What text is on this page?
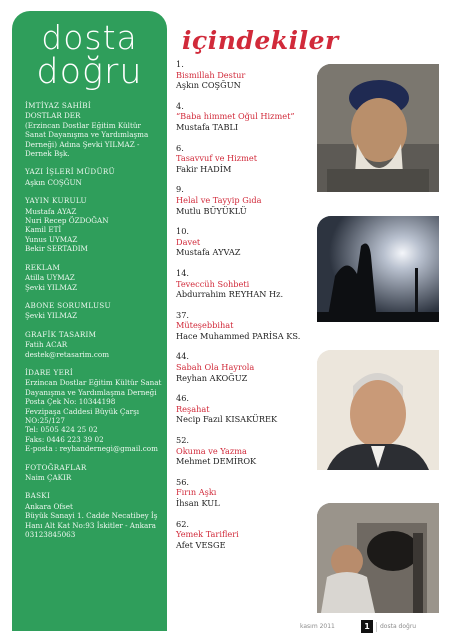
dosta
doğru
İMTİYAZ SAHİBİ
DOSTLAR DER
(Erzincan Dostlar Eğitim Kültür
Sanat Dayanışma ve Yardımlaşma
Derneği) Adına Şevki YILMAZ -
Dernek Bşk.
YAZI İŞLERİ MÜDÜRÜ
Aşkın COŞĞUN
YAYIN KURULU
Mustafa AYAZ
Nuri Recep ÖZDOĞAN
Kamil ETİ
Yunus UYMAZ
Bekir SERTADIM
REKLAM
Atilla UYMAZ
Şevki YILMAZ
ABONE SORUMLUSU
Şevki YILMAZ
GRAFİK TASARIM
Fatih ACAR
destek@retasarim.com
İDARE YERİ
Erzincan Dostlar Eğitim Kültür Sanat
Dayanışma ve Yardımlaşma Derneği
Posta Çek No: 10344198
Fevzipaşa Caddesi Büyük Çarşı
NO:25/127
Tel: 0505 424 25 02
Faks: 0446 223 39 02
E-posta : reyhandernegi@gmail.com
FOTOĞRAFLAR
Naim ÇAKIR
BASKI
Ankara Ofset
Büyük Sanayi 1. Cadde Necatibey İş
Hanı Alt Kat No:93 İskitler - Ankara
03123845063
içindekiler
1.
Bismillah Destur
Aşkın COŞĞUN
4.
“Baba himmet Oğul Hizmet”
Mustafa TABLI
6.
Tasavvuf ve Hizmet
Fakir HADİM
9.
Helal ve Tayyip Gıda
Mutlu BÜYÜKLÜ
10.
Davet
Mustafa AYVAZ
14.
Teveccüh Sohbeti
Abdurrahim REYHAN Hz.
37.
Müteşebbihat
Hace Muhammed PARİSA KS.
44.
Sabah Ola Hayrola
Reyhan AKOĞUZ
46.
Reşahat
Necip Fazıl KISAKÜREK
52.
Okuma ve Yazma
Mehmet DEMİROK
56.
Fırın Aşkı
İhsan KUL
62.
Yemek Tarifleri
Afet VESGE
kasım 2011	1	dosta doğru
